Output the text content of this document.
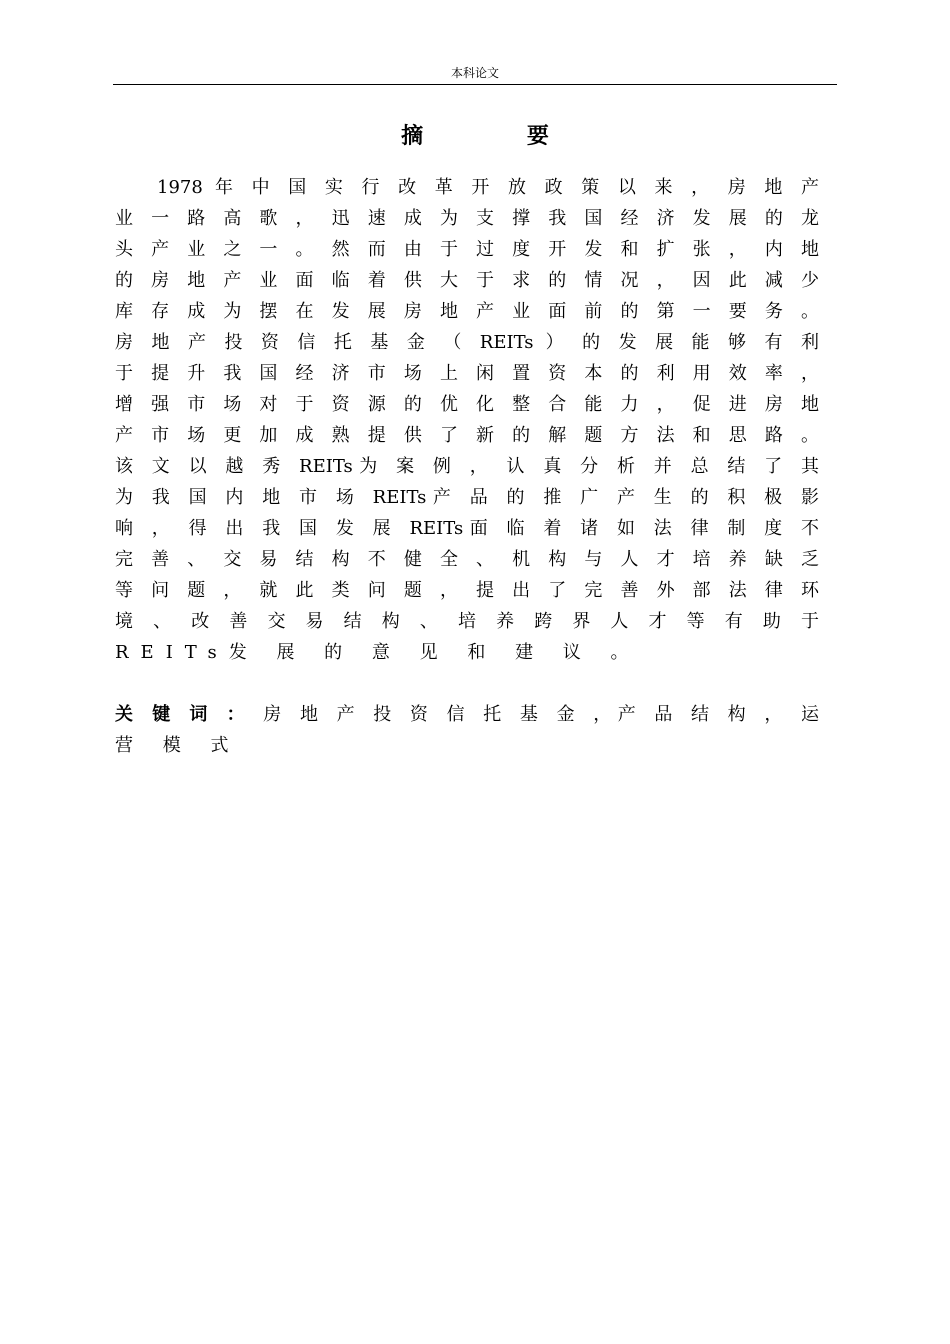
本科论文
摘 要
1978 年 中 国 实 行 改 革 开 放 政 策 以 来 ， 房 地 产
业 一 路 高 歌 ， 迅 速 成 为 支 撑 我 国 经 济 发 展 的 龙
头 产 业 之 一 。 然 而 由 于 过 度 开 发 和 扩 张 ， 内 地
的 房 地 产 业 面 临 着 供 大 于 求 的 情 况 ， 因 此 减 少
库 存 成 为 摆 在 发 展 房 地 产 业 面 前 的 第 一 要 务 。
房 地 产 投 资 信 托 基 金 （ REITs ） 的 发 展 能 够 有 利
于 提 升 我 国 经 济 市 场 上 闲 置 资 本 的 利 用 效 率 ，
增 强 市 场 对 于 资 源 的 优 化 整 合 能 力 ， 促 进 房 地
产 市 场 更 加 成 熟 提 供 了 新 的 解 题 方 法 和 思 路 。
该 文 以 越 秀 REITs为 案 例 ， 认 真 分 析 并 总 结 了 其
为 我 国 内 地 市 场 REITs产 品 的 推 广 产 生 的 积 极 影
响 ， 得 出 我 国 发 展 REITs面 临 着 诸 如 法 律 制 度 不
完 善 、 交 易 结 构 不 健 全 、 机 构 与 人 才 培 养 缺 乏
等 问 题 ， 就 此 类 问 题 ， 提 出 了 完 善 外 部 法 律 环
境 、 改 善 交 易 结 构 、 培 养 跨 界 人 才 等 有 助 于
REITs发 展 的 意 见 和 建 议 。
关 键 词 ： 房 地 产 投 资 信 托 基 金 ，产 品 结 构 ， 运
营 模 式
